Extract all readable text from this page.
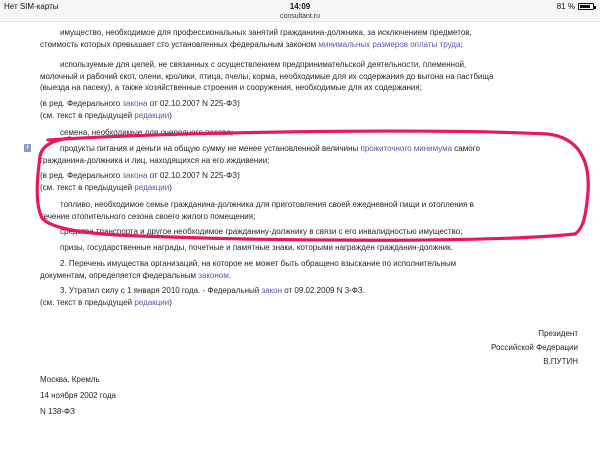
Нет SIM-карты	14:09	81 %
consultant.ru
имущество, необходимое для профессиональных занятий гражданина-должника, за исключением предметов,
стоимость которых превышает сто установленных федеральным законом минимальных размеров оплаты труда;
используемые для целей, не связанных с осуществлением предпринимательской деятельности, племенной,
молочный и рабочий скот, олени, кролики, птица, пчелы, корма, необходимые для их содержания до выгона на пастбища
(выезда на пасеку), а также хозяйственные строения и сооружения, необходимые для их содержания;
(в ред. Федерального закона от 02.10.2007 N 225-ФЗ)
(см. текст в предыдущей редакции)
семена, необходимые для очередного посева;
i	продукты питания и деньги на общую сумму не менее установленной величины прожиточного минимума самого
гражданина-должника и лиц, находящихся на его иждивении;
(в ред. Федерального закона от 02.10.2007 N 225-ФЗ)
(см. текст в предыдущей редакции)
топливо, необходимое семье гражданина-должника для приготовления своей ежедневной пищи и отопления в
течение отопительного сезона своего жилого помещения;
средства транспорта и другое необходимое гражданину-должнику в связи с его инвалидностью имущество;
призы, государственные награды, почетные и памятные знаки, которыми награжден гражданин-должник.
2. Перечень имущества организаций, на которое не может быть обращено взыскание по исполнительным
документам, определяется федеральным законом.
3. Утратил силу с 1 января 2010 года. - Федеральный закон от 09.02.2009 N 3-ФЗ.
(см. текст в предыдущей редакции)
Президент
Российской Федерации
В.ПУТИН
Москва, Кремль
14 ноября 2002 года
N 138-ФЗ
